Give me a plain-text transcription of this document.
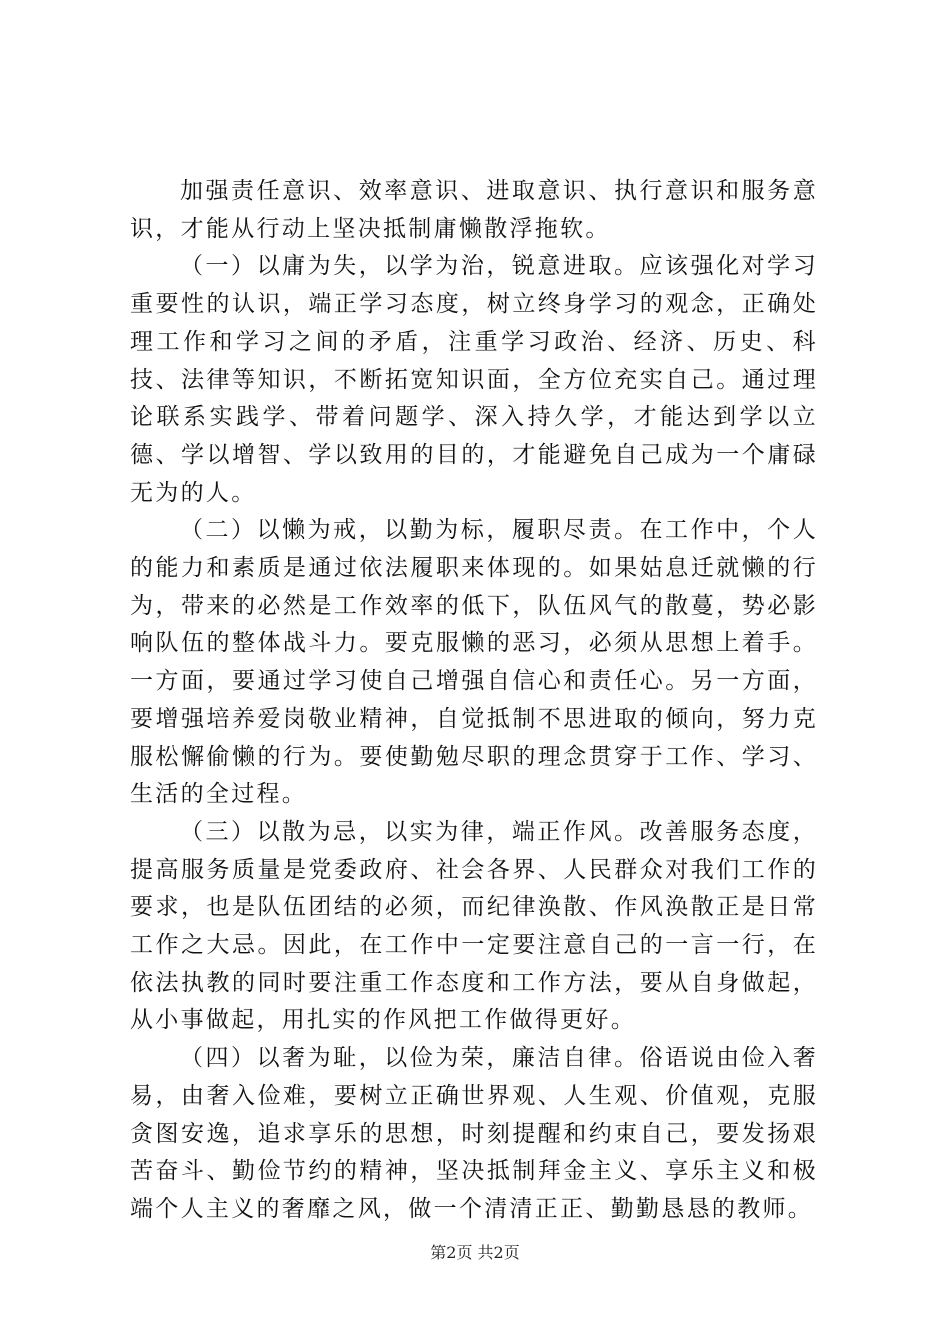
加强责任意识、效率意识、进取意识、执行意识和服务意识，才能从行动上坚决抵制庸懒散浮拖软。

（一）以庸为失，以学为治，锐意进取。应该强化对学习重要性的认识，端正学习态度，树立终身学习的观念，正确处理工作和学习之间的矛盾，注重学习政治、经济、历史、科技、法律等知识，不断拓宽知识面，全方位充实自己。通过理论联系实践学、带着问题学、深入持久学，才能达到学以立德、学以增智、学以致用的目的，才能避免自己成为一个庸碌无为的人。

（二）以懒为戒，以勤为标，履职尽责。在工作中，个人的能力和素质是通过依法履职来体现的。如果姑息迁就懒的行为，带来的必然是工作效率的低下，队伍风气的散蔓，势必影响队伍的整体战斗力。要克服懒的恶习，必须从思想上着手。一方面，要通过学习使自己增强自信心和责任心。另一方面，要增强培养爱岗敬业精神，自觉抵制不思进取的倾向，努力克服松懈偷懒的行为。要使勤勉尽职的理念贯穿于工作、学习、生活的全过程。

（三）以散为忌，以实为律，端正作风。改善服务态度，提高服务质量是党委政府、社会各界、人民群众对我们工作的要求，也是队伍团结的必须，而纪律涣散、作风涣散正是日常工作之大忌。因此，在工作中一定要注意自己的一言一行，在依法执教的同时要注重工作态度和工作方法，要从自身做起，从小事做起，用扎实的作风把工作做得更好。

（四）以奢为耻，以俭为荣，廉洁自律。俗语说由俭入奢易，由奢入俭难，要树立正确世界观、人生观、价值观，克服贪图安逸，追求享乐的思想，时刻提醒和约束自己，要发扬艰苦奋斗、勤俭节约的精神，坚决抵制拜金主义、享乐主义和极端个人主义的奢靡之风，做一个清清正正、勤勤恳恳的教师。

第2页 共2页
